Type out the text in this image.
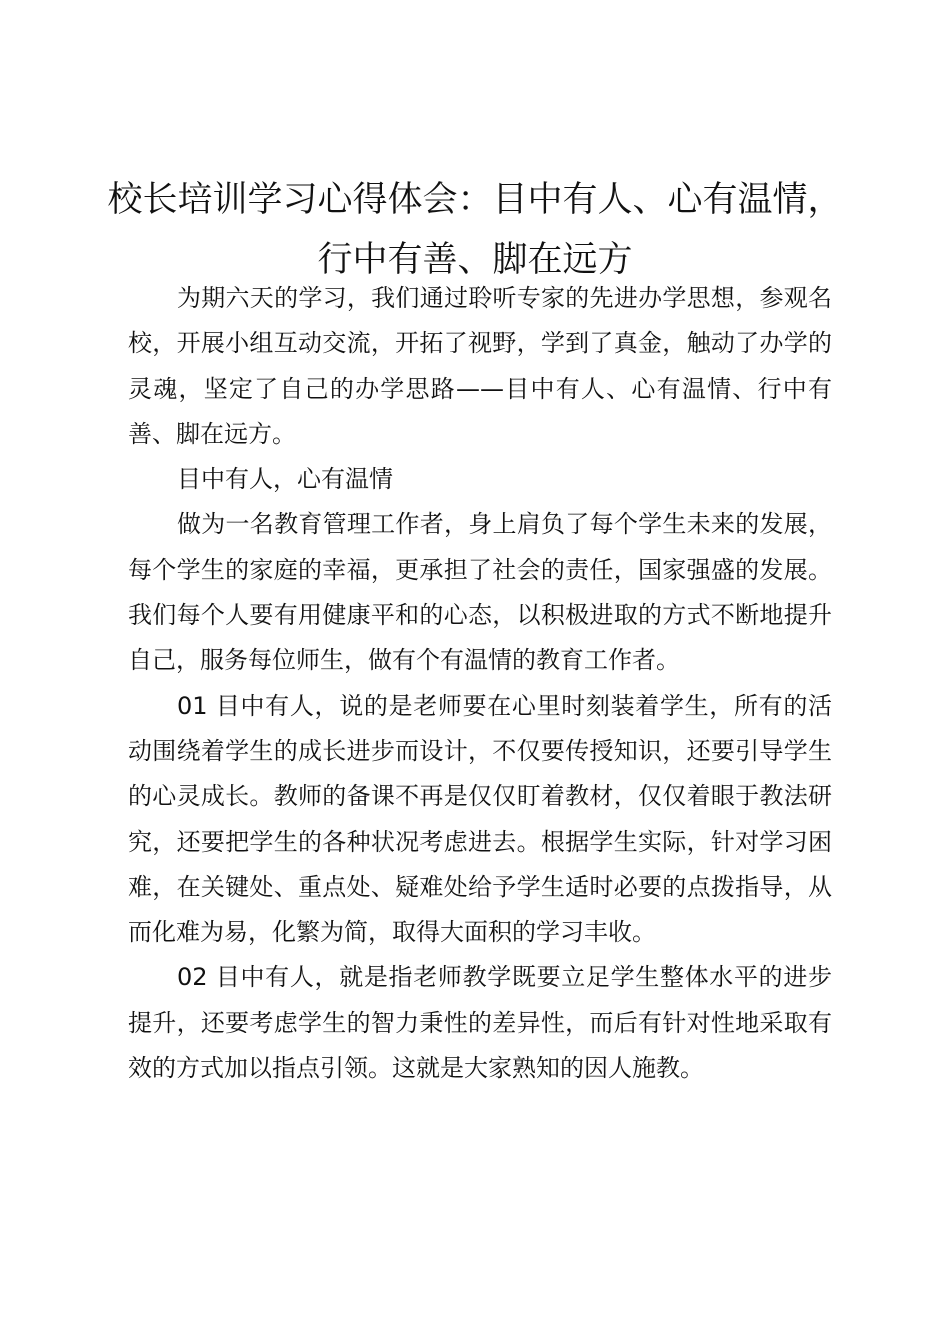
校长培训学习心得体会：目中有人、心有温情，行中有善、脚在远方

为期六天的学习，我们通过聆听专家的先进办学思想，参观名校，开展小组互动交流，开拓了视野，学到了真金，触动了办学的灵魂，坚定了自己的办学思路——目中有人、心有温情、行中有善、脚在远方。

目中有人，心有温情

做为一名教育管理工作者，身上肩负了每个学生未来的发展，每个学生的家庭的幸福，更承担了社会的责任，国家强盛的发展。我们每个人要有用健康平和的心态，以积极进取的方式不断地提升自己，服务每位师生，做有个有温情的教育工作者。

01 目中有人，说的是老师要在心里时刻装着学生，所有的活动围绕着学生的成长进步而设计，不仅要传授知识，还要引导学生的心灵成长。教师的备课不再是仅仅盯着教材，仅仅着眼于教法研究，还要把学生的各种状况考虑进去。根据学生实际，针对学习困难，在关键处、重点处、疑难处给予学生适时必要的点拨指导，从而化难为易，化繁为简，取得大面积的学习丰收。

02 目中有人，就是指老师教学既要立足学生整体水平的进步提升，还要考虑学生的智力秉性的差异性，而后有针对性地采取有效的方式加以指点引领。这就是大家熟知的因人施教。
